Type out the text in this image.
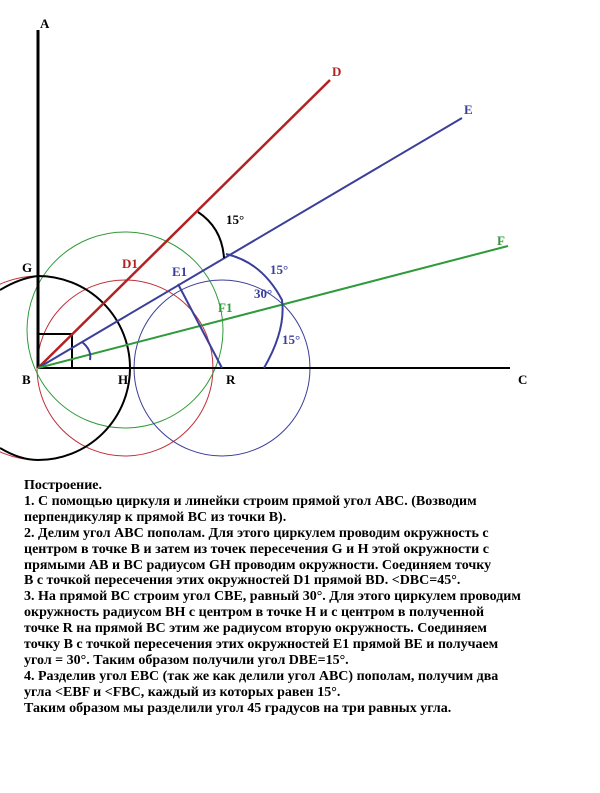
A
D
E
F
G
B	H	R	C
D1
E1
F1
15°
15°
30°
15°
Построение.
1. С помощью циркуля и линейки строим прямой угол АВС. (Возводим
перпендикуляр к прямой ВС из точки В).
2. Делим угол АВС пополам. Для этого циркулем проводим окружность с
центром в точке В и затем из точек пересечения G и H этой окружности с
прямыми АВ и ВС радиусом GH проводим окружности. Соединяем точку
B с точкой пересечения этих окружностей D1 прямой ВD. <DBC=45°.
3. На прямой ВС строим угол СВЕ, равный 30°. Для этого циркулем проводим
окружность радиусом ВН с центром в точке Н и с центром в полученной
точке R на прямой ВС этим же радиусом вторую окружность. Соединяем
точку В с точкой пересечения этих окружностей Е1 прямой ВЕ и получаем
угол = 30°. Таким образом получили угол DBE=15°.
4. Разделив угол ЕВС (так же как делили угол АВС) пополам, получим два
угла <EBF и <FBC, каждый из которых равен 15°.
Таким образом мы разделили угол 45 градусов на три равных угла.
